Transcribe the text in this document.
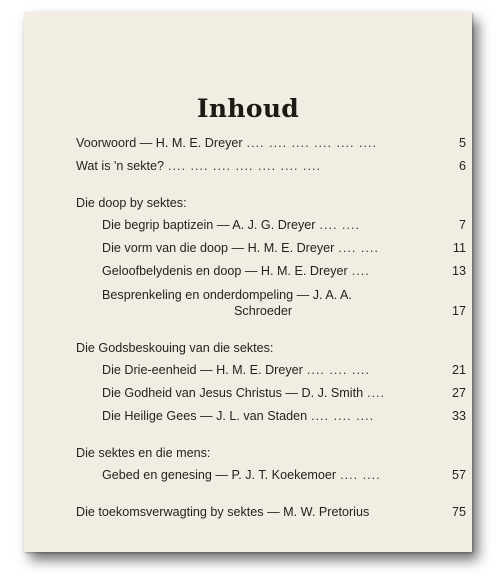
Inhoud
Voorwoord — H. M. E. Dreyer .... .... .... .... .... ....	5
Wat is 'n sekte? .... .... .... .... .... .... ....	6
Die doop by sektes:
Die begrip baptizein — A. J. G. Dreyer .... ....	7
Die vorm van die doop — H. M. E. Dreyer .... ....	11
Geloofbelydenis en doop — H. M. E. Dreyer ....	13
Besprenkeling en onderdompeling — J. A. A.
Schroeder	17
Die Godsbeskouing van die sektes:
Die Drie-eenheid — H. M. E. Dreyer .... .... ....	21
Die Godheid van Jesus Christus — D. J. Smith ....	27
Die Heilige Gees — J. L. van Staden .... .... ....	33
Die sektes en die mens:
Gebed en genesing — P. J. T. Koekemoer .... ....	57
Die toekomsverwagting by sektes — M. W. Pretorius	75
